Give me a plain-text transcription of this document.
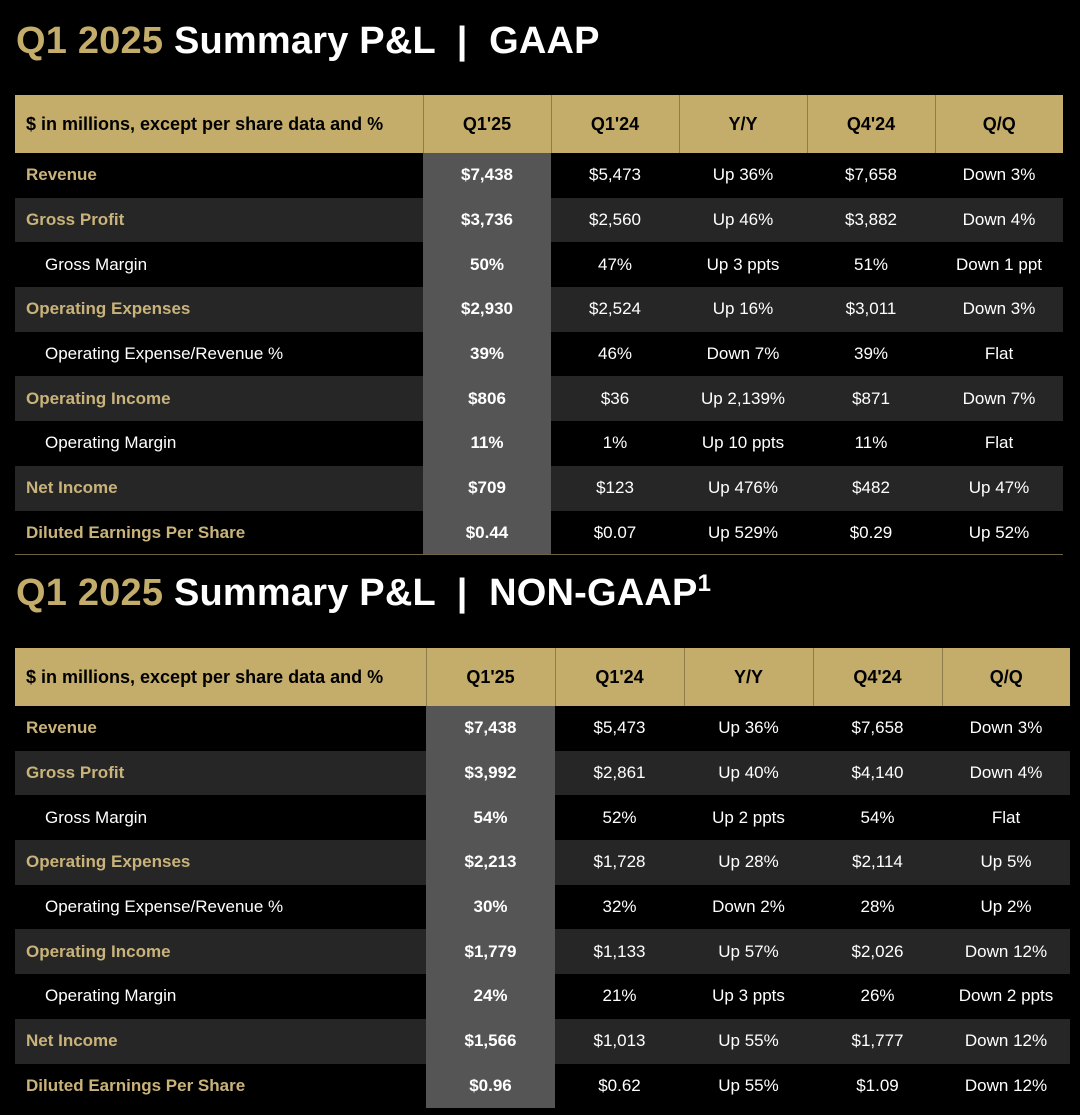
Q1 2025 Summary P&L  |  GAAP
$ in millions, except per share data and %	Q1'25	Q1'24	Y/Y	Q4'24	Q/Q
Revenue	$7,438	$5,473	Up 36%	$7,658	Down 3%
Gross Profit	$3,736	$2,560	Up 46%	$3,882	Down 4%
Gross Margin	50%	47%	Up 3 ppts	51%	Down 1 ppt
Operating Expenses	$2,930	$2,524	Up 16%	$3,011	Down 3%
Operating Expense/Revenue %	39%	46%	Down 7%	39%	Flat
Operating Income	$806	$36	Up 2,139%	$871	Down 7%
Operating Margin	11%	1%	Up 10 ppts	11%	Flat
Net Income	$709	$123	Up 476%	$482	Up 47%
Diluted Earnings Per Share	$0.44	$0.07	Up 529%	$0.29	Up 52%
Q1 2025 Summary P&L  |  NON-GAAP$^1$
$ in millions, except per share data and %	Q1'25	Q1'24	Y/Y	Q4'24	Q/Q
Revenue	$7,438	$5,473	Up 36%	$7,658	Down 3%
Gross Profit	$3,992	$2,861	Up 40%	$4,140	Down 4%
Gross Margin	54%	52%	Up 2 ppts	54%	Flat
Operating Expenses	$2,213	$1,728	Up 28%	$2,114	Up 5%
Operating Expense/Revenue %	30%	32%	Down 2%	28%	Up 2%
Operating Income	$1,779	$1,133	Up 57%	$2,026	Down 12%
Operating Margin	24%	21%	Up 3 ppts	26%	Down 2 ppts
Net Income	$1,566	$1,013	Up 55%	$1,777	Down 12%
Diluted Earnings Per Share	$0.96	$0.62	Up 55%	$1.09	Down 12%
